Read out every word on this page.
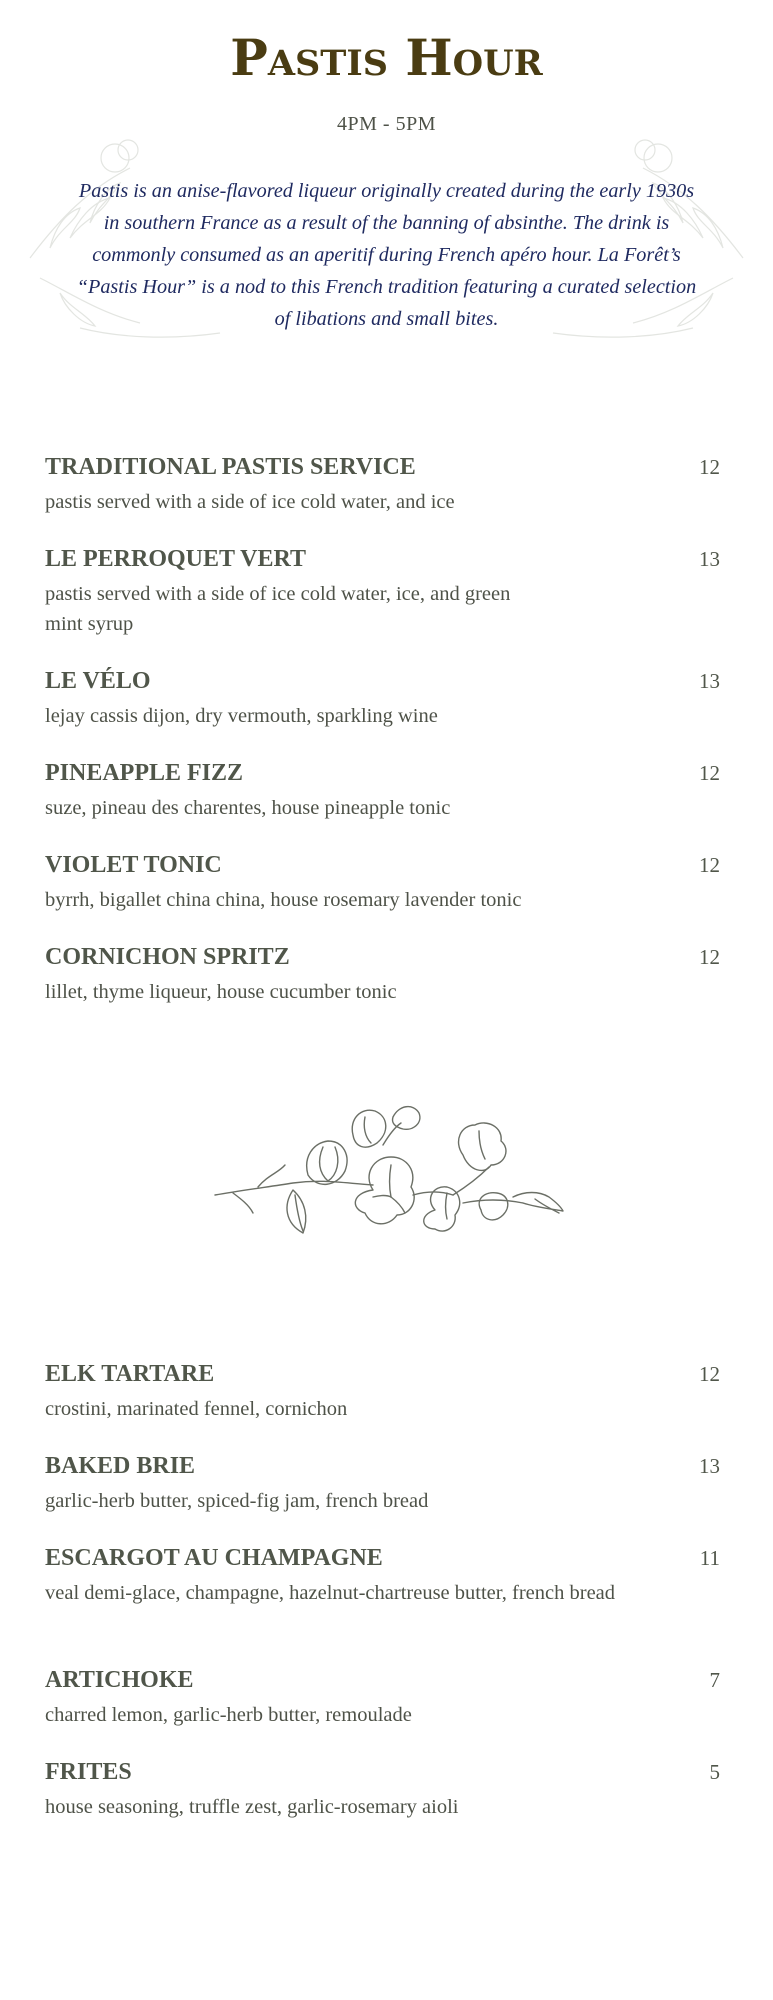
Pastis Hour
4PM - 5PM
Pastis is an anise-flavored liqueur originally created during the early 1930s in southern France as a result of the banning of absinthe. The drink is commonly consumed as an aperitif during French apéro hour. La Forêt’s “Pastis Hour” is a nod to this French tradition featuring a curated selection of libations and small bites.
TRADITIONAL PASTIS SERVICE	12
pastis served with a side of ice cold water, and ice
LE PERROQUET VERT	13
pastis served with a side of ice cold water, ice, and green mint syrup
LE VÉLO	13
lejay cassis dijon, dry vermouth, sparkling wine
PINEAPPLE FIZZ	12
suze, pineau des charentes, house pineapple tonic
VIOLET TONIC	12
byrrh, bigallet china china, house rosemary lavender tonic
CORNICHON SPRITZ	12
lillet, thyme liqueur, house cucumber tonic
ELK TARTARE	12
crostini, marinated fennel, cornichon
BAKED BRIE	13
garlic-herb butter, spiced-fig jam, french bread
ESCARGOT AU CHAMPAGNE	11
veal demi-glace, champagne, hazelnut-chartreuse butter, french bread
ARTICHOKE	7
charred lemon, garlic-herb butter, remoulade
FRITES	5
house seasoning, truffle zest, garlic-rosemary aioli
